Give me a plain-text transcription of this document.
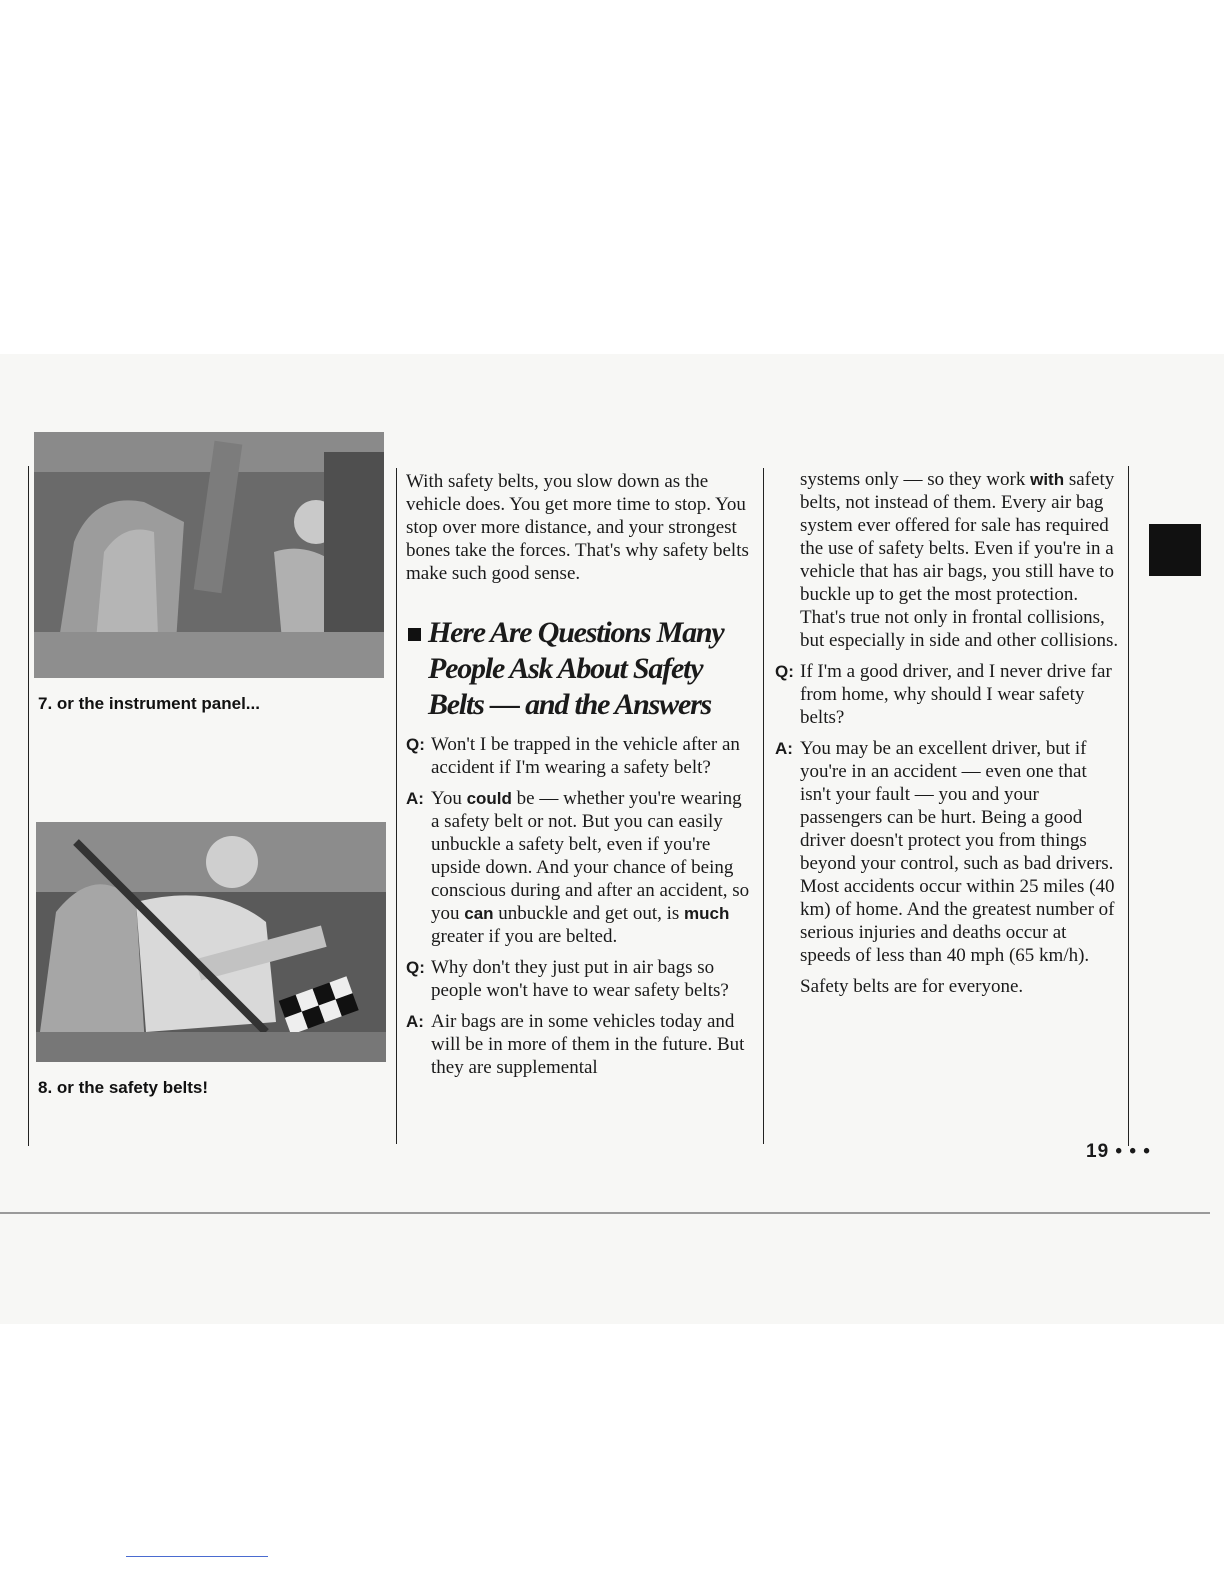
7. or the instrument panel...
8. or the safety belts!

With safety belts, you slow down as the vehicle does. You get more time to stop. You stop over more distance, and your strongest bones take the forces. That's why safety belts make such good sense.

Here Are Questions Many People Ask About Safety Belts — and the Answers
Q: Won't I be trapped in the vehicle after an accident if I'm wearing a safety belt?
A: You could be — whether you're wearing a safety belt or not. But you can easily unbuckle a safety belt, even if you're upside down. And your chance of being conscious during and after an accident, so you can unbuckle and get out, is much greater if you are belted.
Q: Why don't they just put in air bags so people won't have to wear safety belts?
A: Air bags are in some vehicles today and will be in more of them in the future. But they are supplemental
systems only — so they work with safety belts, not instead of them. Every air bag system ever offered for sale has required the use of safety belts. Even if you're in a vehicle that has air bags, you still have to buckle up to get the most protection. That's true not only in frontal collisions, but especially in side and other collisions.
Q: If I'm a good driver, and I never drive far from home, why should I wear safety belts?
A: You may be an excellent driver, but if you're in an accident — even one that isn't your fault — you and your passengers can be hurt. Being a good driver doesn't protect you from things beyond your control, such as bad drivers. Most accidents occur within 25 miles (40 km) of home. And the greatest number of serious injuries and deaths occur at speeds of less than 40 mph (65 km/h).

Safety belts are for everyone.

19 • • •
